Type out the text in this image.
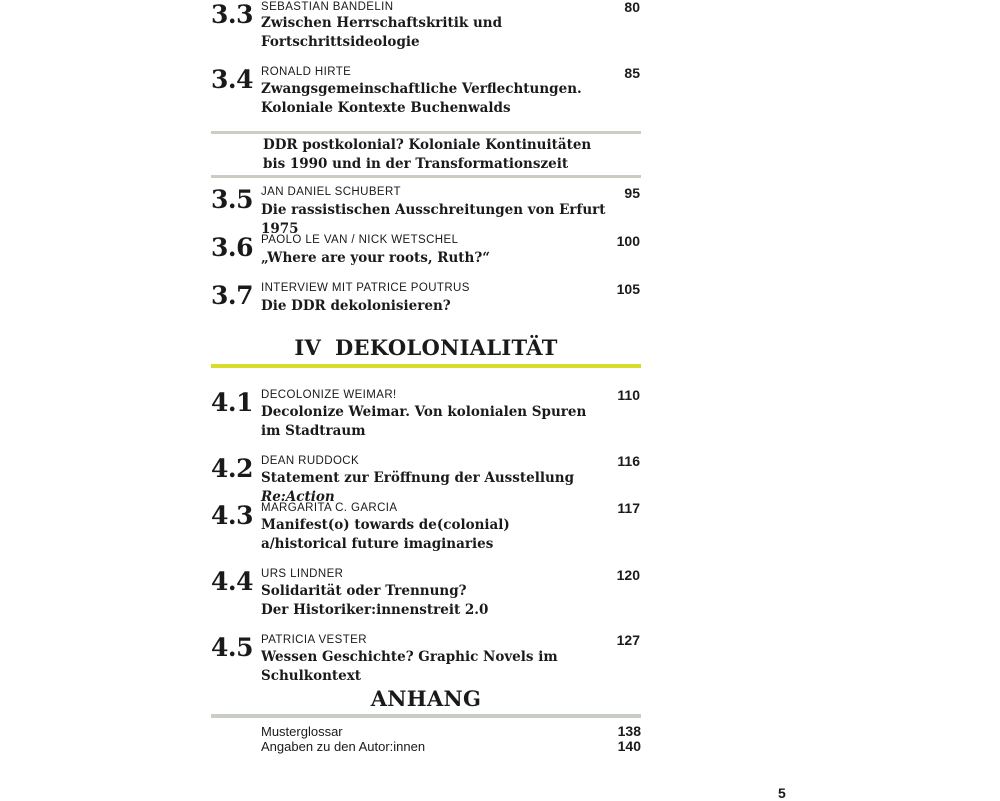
3.3 SEBASTIAN BANDELIN	80
Zwischen Herrschaftskritik und
Fortschrittsideologie
3.4 RONALD HIRTE	85
Zwangsgemeinschaftliche Verflechtungen.
Koloniale Kontexte Buchenwalds
DDR postkolonial? Koloniale Kontinuitäten
bis 1990 und in der Transformationszeit
3.5 JAN DANIEL SCHUBERT	95
Die rassistischen Ausschreitungen von Erfurt 1975
3.6 PAOLO LE VAN / NICK WETSCHEL	100
„Where are your roots, Ruth?“
3.7 INTERVIEW MIT PATRICE POUTRUS	105
Die DDR dekolonisieren?
IV DEKOLONIALITÄT
4.1 DECOLONIZE WEIMAR!	110
Decolonize Weimar. Von kolonialen Spuren
im Stadtraum
4.2 DEAN RUDDOCK	116
Statement zur Eröffnung der Ausstellung Re:Action
4.3 MARGARITA C. GARCIA	117
Manifest(o) towards de(colonial)
a/historical future imaginaries
4.4 URS LINDNER	120
Solidarität oder Trennung?
Der Historiker:innenstreit 2.0
4.5 PATRICIA VESTER	127
Wessen Geschichte? Graphic Novels im Schulkontext
ANHANG
Musterglossar	138
Angaben zu den Autor:innen	140
5
